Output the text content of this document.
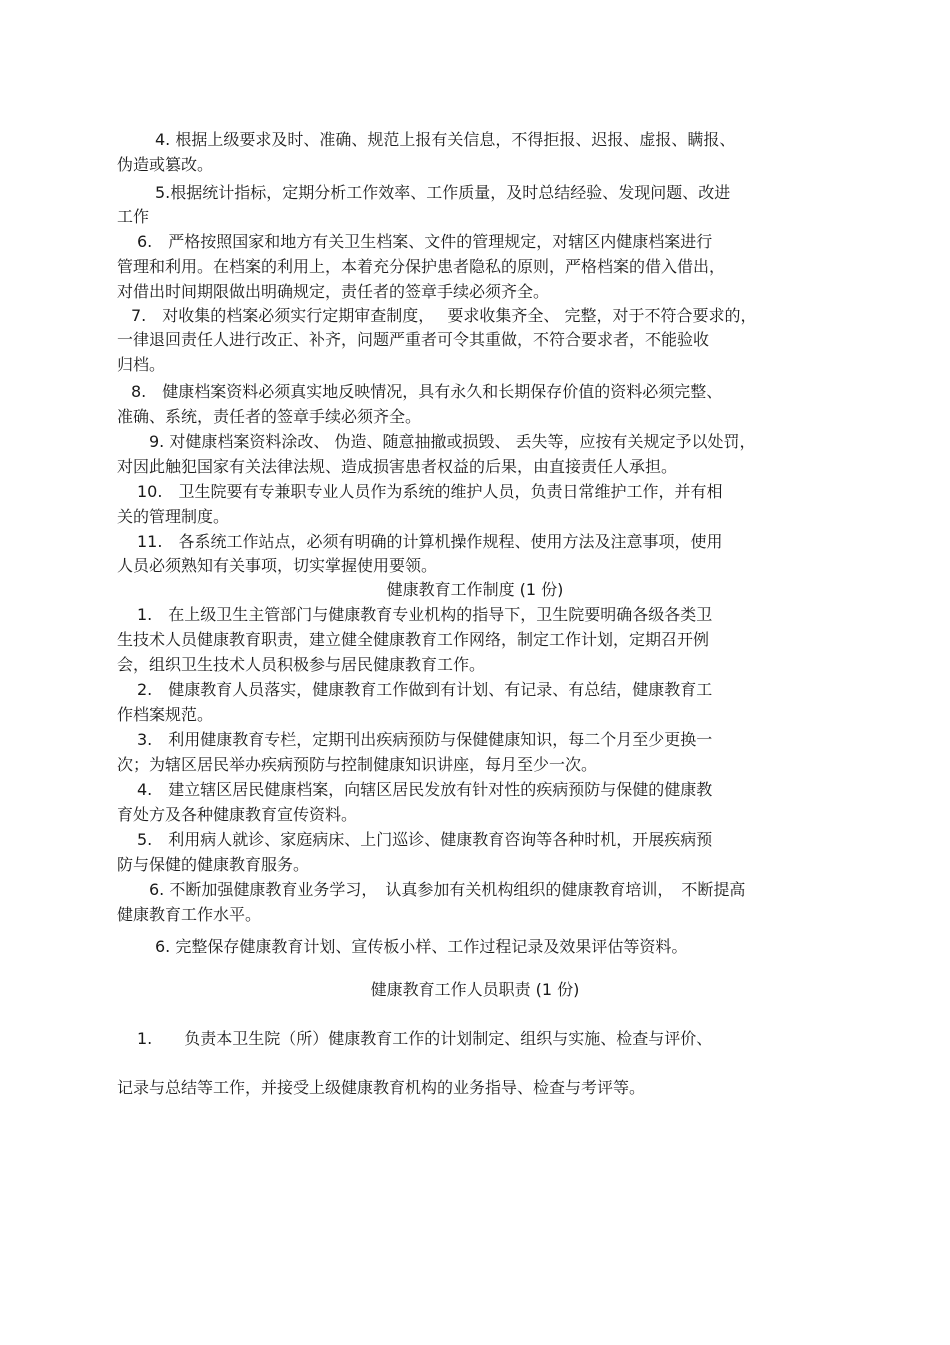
4. 根据上级要求及时、准确、规范上报有关信息，不得拒报、迟报、虚报、瞒报、

伪造或篡改。

5.根据统计指标，定期分析工作效率、工作质量，及时总结经验、发现问题、改进

工作

6.　严格按照国家和地方有关卫生档案、文件的管理规定，对辖区内健康档案进行

管理和利用。在档案的利用上，本着充分保护患者隐私的原则，严格档案的借入借出，

对借出时间期限做出明确规定，责任者的签章手续必须齐全。

7.　对收集的档案必须实行定期审查制度，　 要求收集齐全、 完整，对于不符合要求的，

一律退回责任人进行改正、补齐，问题严重者可令其重做，不符合要求者，不能验收

归档。

8.　健康档案资料必须真实地反映情况，具有永久和长期保存价值的资料必须完整、

准确、系统，责任者的签章手续必须齐全。

9. 对健康档案资料涂改、 伪造、随意抽撤或损毁、 丢失等，应按有关规定予以处罚，

对因此触犯国家有关法律法规、造成损害患者权益的后果，由直接责任人承担。

10.　卫生院要有专兼职专业人员作为系统的维护人员，负责日常维护工作，并有相

关的管理制度。

11.　各系统工作站点，必须有明确的计算机操作规程、使用方法及注意事项，使用

人员必须熟知有关事项，切实掌握使用要领。

健康教育工作制度 (1 份)

1.　在上级卫生主管部门与健康教育专业机构的指导下，卫生院要明确各级各类卫

生技术人员健康教育职责，建立健全健康教育工作网络，制定工作计划，定期召开例

会，组织卫生技术人员积极参与居民健康教育工作。

2.　健康教育人员落实，健康教育工作做到有计划、有记录、有总结，健康教育工

作档案规范。

3.　利用健康教育专栏，定期刊出疾病预防与保健健康知识，每二个月至少更换一

次；为辖区居民举办疾病预防与控制健康知识讲座，每月至少一次。

4.　建立辖区居民健康档案，向辖区居民发放有针对性的疾病预防与保健的健康教

育处方及各种健康教育宣传资料。

5.　利用病人就诊、家庭病床、上门巡诊、健康教育咨询等各种时机，开展疾病预

防与保健的健康教育服务。

6. 不断加强健康教育业务学习，　认真参加有关机构组织的健康教育培训，　不断提高

健康教育工作水平。

6. 完整保存健康教育计划、宣传板小样、工作过程记录及效果评估等资料。

健康教育工作人员职责 (1 份)

1.　　负责本卫生院（所）健康教育工作的计划制定、组织与实施、检查与评价、

记录与总结等工作，并接受上级健康教育机构的业务指导、检查与考评等。
